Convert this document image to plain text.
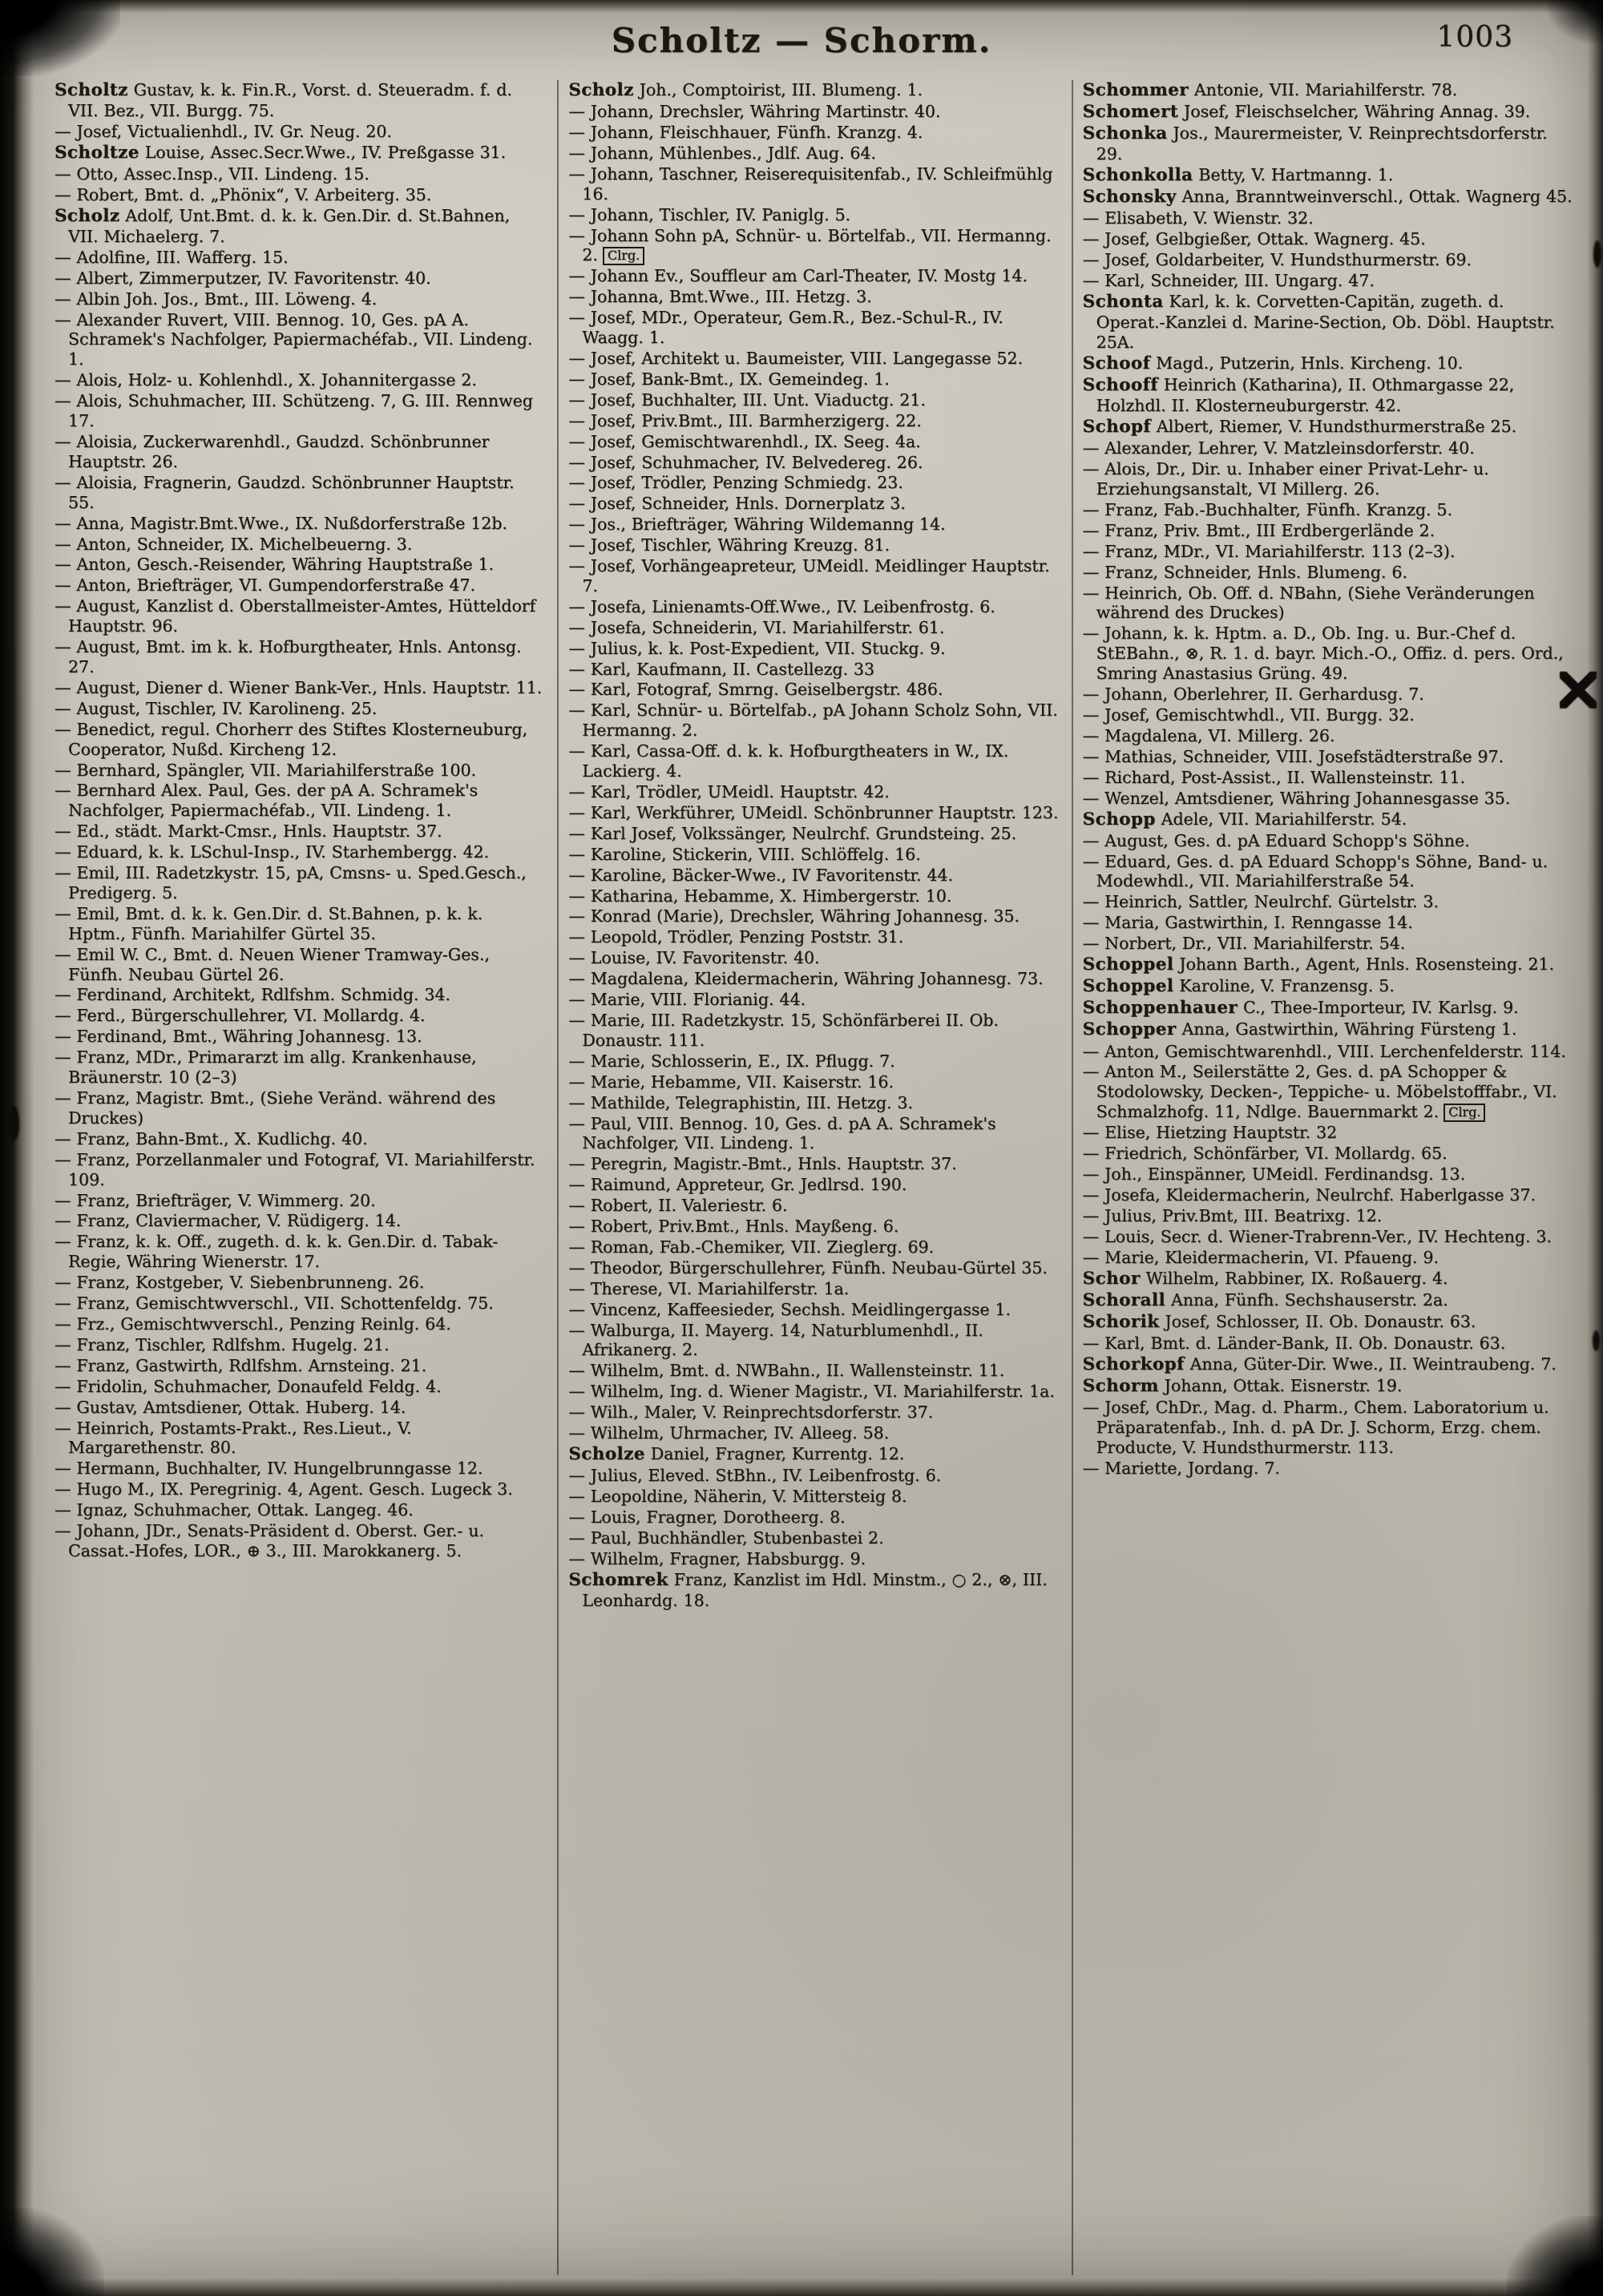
Scholtz — Schorm.	1003

Scholtz Gustav, k. k. Fin.R., Vorst. d. Steueradm. f. d. VII. Bez., VII. Burgg. 75.

— Josef, Victualienhdl., IV. Gr. Neug. 20.

Scholtze Louise, Assec.Secr.Wwe., IV. Preßgasse 31.

— Otto, Assec.Insp., VII. Lindeng. 15.

— Robert, Bmt. d. „Phönix“, V. Arbeiterg. 35.

Scholz Adolf, Unt.Bmt. d. k. k. Gen.Dir. d. St.Bahnen, VII. Michaelerg. 7.

— Adolfine, III. Wafferg. 15.

— Albert, Zimmerputzer, IV. Favoritenstr. 40.

— Albin Joh. Jos., Bmt., III. Löweng. 4.

— Alexander Ruvert, VIII. Bennog. 10, Ges. pA A. Schramek's Nachfolger, Papiermachéfab., VII. Lindeng. 1.

— Alois, Holz- u. Kohlenhdl., X. Johannitergasse 2.

— Alois, Schuhmacher, III. Schützeng. 7, G. III. Rennweg 17.

— Aloisia, Zuckerwarenhdl., Gaudzd. Schönbrunner Hauptstr. 26.

— Aloisia, Fragnerin, Gaudzd. Schönbrunner Hauptstr. 55.

— Anna, Magistr.Bmt.Wwe., IX. Nußdorferstraße 12b.

— Anton, Schneider, IX. Michelbeuerng. 3.

— Anton, Gesch.-Reisender, Währing Hauptstraße 1.

— Anton, Briefträger, VI. Gumpendorferstraße 47.

— August, Kanzlist d. Oberstallmeister-Amtes, Hütteldorf Hauptstr. 96.

— August, Bmt. im k. k. Hofburgtheater, Hnls. Antonsg. 27.

— August, Diener d. Wiener Bank-Ver., Hnls. Hauptstr. 11.

— August, Tischler, IV. Karolineng. 25.

— Benedict, regul. Chorherr des Stiftes Klosterneuburg, Cooperator, Nußd. Kircheng 12.

— Bernhard, Spängler, VII. Mariahilferstraße 100.

— Bernhard Alex. Paul, Ges. der pA A. Schramek's Nachfolger, Papiermachéfab., VII. Lindeng. 1.

— Ed., städt. Markt-Cmsr., Hnls. Hauptstr. 37.

— Eduard, k. k. LSchul-Insp., IV. Starhembergg. 42.

— Emil, III. Radetzkystr. 15, pA, Cmsns- u. Sped.Gesch., Predigerg. 5.

— Emil, Bmt. d. k. k. Gen.Dir. d. St.Bahnen, p. k. k. Hptm., Fünfh. Mariahilfer Gürtel 35.

— Emil W. C., Bmt. d. Neuen Wiener Tramway-Ges., Fünfh. Neubau Gürtel 26.

— Ferdinand, Architekt, Rdlfshm. Schmidg. 34.

— Ferd., Bürgerschullehrer, VI. Mollardg. 4.

— Ferdinand, Bmt., Währing Johannesg. 13.

— Franz, MDr., Primararzt im allg. Krankenhause, Bräunerstr. 10 (2–3)

— Franz, Magistr. Bmt., (Siehe Veränd. während des Druckes)

— Franz, Bahn-Bmt., X. Kudlichg. 40.

— Franz, Porzellanmaler und Fotograf, VI. Mariahilferstr. 109.

— Franz, Briefträger, V. Wimmerg. 20.

— Franz, Claviermacher, V. Rüdigerg. 14.

— Franz, k. k. Off., zugeth. d. k. k. Gen.Dir. d. Tabak-Regie, Währing Wienerstr. 17.

— Franz, Kostgeber, V. Siebenbrunneng. 26.

— Franz, Gemischtwverschl., VII. Schottenfeldg. 75.

— Frz., Gemischtwverschl., Penzing Reinlg. 64.

— Franz, Tischler, Rdlfshm. Hugelg. 21.

— Franz, Gastwirth, Rdlfshm. Arnsteing. 21.

— Fridolin, Schuhmacher, Donaufeld Feldg. 4.

— Gustav, Amtsdiener, Ottak. Huberg. 14.

— Heinrich, Postamts-Prakt., Res.Lieut., V. Margarethenstr. 80.

— Hermann, Buchhalter, IV. Hungelbrunngasse 12.

— Hugo M., IX. Peregrinig. 4, Agent. Gesch. Lugeck 3.

— Ignaz, Schuhmacher, Ottak. Langeg. 46.

— Johann, JDr., Senats-Präsident d. Oberst. Ger.- u. Cassat.-Hofes, LOR., ⊕ 3., III. Marokkanerg. 5.

Scholz Joh., Comptoirist, III. Blumeng. 1.

— Johann, Drechsler, Währing Martinstr. 40.

— Johann, Fleischhauer, Fünfh. Kranzg. 4.

— Johann, Mühlenbes., Jdlf. Aug. 64.

— Johann, Taschner, Reiserequisitenfab., IV. Schleifmühlg 16.

— Johann, Tischler, IV. Paniglg. 5.

— Johann Sohn pA, Schnür- u. Börtelfab., VII. Hermanng. 2. Clrg.

— Johann Ev., Souffleur am Carl-Theater, IV. Mostg 14.

— Johanna, Bmt.Wwe., III. Hetzg. 3.

— Josef, MDr., Operateur, Gem.R., Bez.-Schul-R., IV. Waagg. 1.

— Josef, Architekt u. Baumeister, VIII. Langegasse 52.

— Josef, Bank-Bmt., IX. Gemeindeg. 1.

— Josef, Buchhalter, III. Unt. Viaductg. 21.

— Josef, Priv.Bmt., III. Barmherzigerg. 22.

— Josef, Gemischtwarenhdl., IX. Seeg. 4a.

— Josef, Schuhmacher, IV. Belvedereg. 26.

— Josef, Trödler, Penzing Schmiedg. 23.

— Josef, Schneider, Hnls. Dornerplatz 3.

— Jos., Briefträger, Währing Wildemanng 14.

— Josef, Tischler, Währing Kreuzg. 81.

— Josef, Vorhängeapreteur, UMeidl. Meidlinger Hauptstr. 7.

— Josefa, Linienamts-Off.Wwe., IV. Leibenfrostg. 6.

— Josefa, Schneiderin, VI. Mariahilferstr. 61.

— Julius, k. k. Post-Expedient, VII. Stuckg. 9.

— Karl, Kaufmann, II. Castellezg. 33

— Karl, Fotograf, Smrng. Geiselbergstr. 486.

— Karl, Schnür- u. Börtelfab., pA Johann Scholz Sohn, VII. Hermanng. 2.

— Karl, Cassa-Off. d. k. k. Hofburgtheaters in W., IX. Lackierg. 4.

— Karl, Trödler, UMeidl. Hauptstr. 42.

— Karl, Werkführer, UMeidl. Schönbrunner Hauptstr. 123.

— Karl Josef, Volkssänger, Neulrchf. Grundsteing. 25.

— Karoline, Stickerin, VIII. Schlöffelg. 16.

— Karoline, Bäcker-Wwe., IV Favoritenstr. 44.

— Katharina, Hebamme, X. Himbergerstr. 10.

— Konrad (Marie), Drechsler, Währing Johannesg. 35.

— Leopold, Trödler, Penzing Poststr. 31.

— Louise, IV. Favoritenstr. 40.

— Magdalena, Kleidermacherin, Währing Johannesg. 73.

— Marie, VIII. Florianig. 44.

— Marie, III. Radetzkystr. 15, Schönfärberei II. Ob. Donaustr. 111.

— Marie, Schlosserin, E., IX. Pflugg. 7.

— Marie, Hebamme, VII. Kaiserstr. 16.

— Mathilde, Telegraphistin, III. Hetzg. 3.

— Paul, VIII. Bennog. 10, Ges. d. pA A. Schramek's Nachfolger, VII. Lindeng. 1.

— Peregrin, Magistr.-Bmt., Hnls. Hauptstr. 37.

— Raimund, Appreteur, Gr. Jedlrsd. 190.

— Robert, II. Valeriestr. 6.

— Robert, Priv.Bmt., Hnls. Mayßeng. 6.

— Roman, Fab.-Chemiker, VII. Zieglerg. 69.

— Theodor, Bürgerschullehrer, Fünfh. Neubau-Gürtel 35.

— Therese, VI. Mariahilferstr. 1a.

— Vincenz, Kaffeesieder, Sechsh. Meidlingergasse 1.

— Walburga, II. Mayerg. 14, Naturblumenhdl., II. Afrikanerg. 2.

— Wilhelm, Bmt. d. NWBahn., II. Wallensteinstr. 11.

— Wilhelm, Ing. d. Wiener Magistr., VI. Mariahilferstr. 1a.

— Wilh., Maler, V. Reinprechtsdorferstr. 37.

— Wilhelm, Uhrmacher, IV. Alleeg. 58.

Scholze Daniel, Fragner, Kurrentg. 12.

— Julius, Eleved. StBhn., IV. Leibenfrostg. 6.

— Leopoldine, Näherin, V. Mittersteig 8.

— Louis, Fragner, Dorotheerg. 8.

— Paul, Buchhändler, Stubenbastei 2.

— Wilhelm, Fragner, Habsburgg. 9.

Schomrek Franz, Kanzlist im Hdl. Minstm., ○ 2., ⊗, III. Leonhardg. 18.

Schommer Antonie, VII. Mariahilferstr. 78.

Schomert Josef, Fleischselcher, Währing Annag. 39.

Schonka Jos., Maurermeister, V. Reinprechtsdorferstr. 29.

Schonkolla Betty, V. Hartmanng. 1.

Schonsky Anna, Branntweinverschl., Ottak. Wagnerg 45.

— Elisabeth, V. Wienstr. 32.

— Josef, Gelbgießer, Ottak. Wagnerg. 45.

— Josef, Goldarbeiter, V. Hundsthurmerstr. 69.

— Karl, Schneider, III. Ungarg. 47.

Schonta Karl, k. k. Corvetten-Capitän, zugeth. d. Operat.-Kanzlei d. Marine-Section, Ob. Döbl. Hauptstr. 25A.

Schoof Magd., Putzerin, Hnls. Kircheng. 10.

Schooff Heinrich (Katharina), II. Othmargasse 22, Holzhdl. II. Klosterneuburgerstr. 42.

Schopf Albert, Riemer, V. Hundsthurmerstraße 25.

— Alexander, Lehrer, V. Matzleinsdorferstr. 40.

— Alois, Dr., Dir. u. Inhaber einer Privat-Lehr- u. Erziehungsanstalt, VI Millerg. 26.

— Franz, Fab.-Buchhalter, Fünfh. Kranzg. 5.

— Franz, Priv. Bmt., III Erdbergerlände 2.

— Franz, MDr., VI. Mariahilferstr. 113 (2–3).

— Franz, Schneider, Hnls. Blumeng. 6.

— Heinrich, Ob. Off. d. NBahn, (Siehe Veränderungen während des Druckes)

— Johann, k. k. Hptm. a. D., Ob. Ing. u. Bur.-Chef d. StEBahn., ⊗, R. 1. d. bayr. Mich.-O., Offiz. d. pers. Ord., Smring Anastasius Grüng. 49.

— Johann, Oberlehrer, II. Gerhardusg. 7.

— Josef, Gemischtwhdl., VII. Burgg. 32.

— Magdalena, VI. Millerg. 26.

— Mathias, Schneider, VIII. Josefstädterstraße 97.

— Richard, Post-Assist., II. Wallensteinstr. 11.

— Wenzel, Amtsdiener, Währing Johannesgasse 35.

Schopp Adele, VII. Mariahilferstr. 54.

— August, Ges. d. pA Eduard Schopp's Söhne.

— Eduard, Ges. d. pA Eduard Schopp's Söhne, Band- u. Modewhdl., VII. Mariahilferstraße 54.

— Heinrich, Sattler, Neulrchf. Gürtelstr. 3.

— Maria, Gastwirthin, I. Renngasse 14.

— Norbert, Dr., VII. Mariahilferstr. 54.

Schoppel Johann Barth., Agent, Hnls. Rosensteing. 21.

Schoppel Karoline, V. Franzensg. 5.

Schoppenhauer C., Thee-Importeur, IV. Karlsg. 9.

Schopper Anna, Gastwirthin, Währing Fürsteng 1.

— Anton, Gemischtwarenhdl., VIII. Lerchenfelderstr. 114.

— Anton M., Seilerstätte 2, Ges. d. pA Schopper & Stodolowsky, Decken-, Teppiche- u. Möbelstofffabr., VI. Schmalzhofg. 11, Ndlge. Bauernmarkt 2. Clrg.

— Elise, Hietzing Hauptstr. 32

— Friedrich, Schönfärber, VI. Mollardg. 65.

— Joh., Einspänner, UMeidl. Ferdinandsg. 13.

— Josefa, Kleidermacherin, Neulrchf. Haberlgasse 37.

— Julius, Priv.Bmt, III. Beatrixg. 12.

— Louis, Secr. d. Wiener-Trabrenn-Ver., IV. Hechteng. 3.

— Marie, Kleidermacherin, VI. Pfaueng. 9.

Schor Wilhelm, Rabbiner, IX. Roßauerg. 4.

Schorall Anna, Fünfh. Sechshauserstr. 2a.

Schorik Josef, Schlosser, II. Ob. Donaustr. 63.

— Karl, Bmt. d. Länder-Bank, II. Ob. Donaustr. 63.

Schorkopf Anna, Güter-Dir. Wwe., II. Weintraubeng. 7.

Schorm Johann, Ottak. Eisnerstr. 19.

— Josef, ChDr., Mag. d. Pharm., Chem. Laboratorium u. Präparatenfab., Inh. d. pA Dr. J. Schorm, Erzg. chem. Producte, V. Hundsthurmerstr. 113.

— Mariette, Jordang. 7.
